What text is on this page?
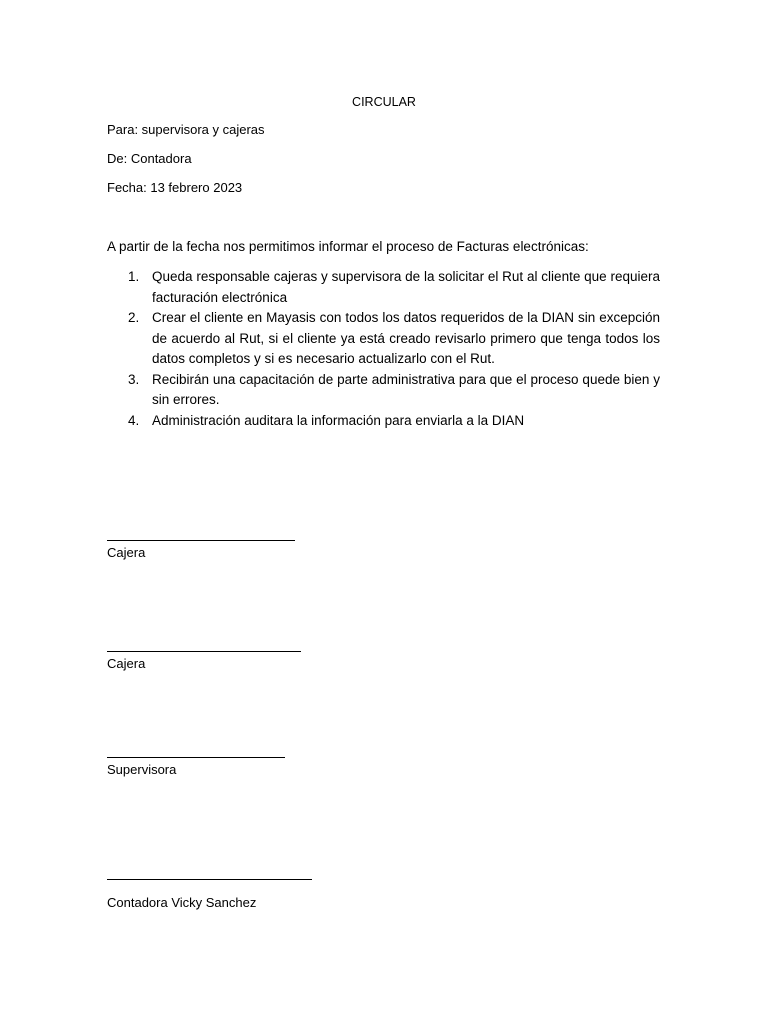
CIRCULAR
Para: supervisora y cajeras
De: Contadora
Fecha: 13 febrero 2023
A partir de la fecha nos permitimos informar el proceso de Facturas electrónicas:
1. Queda responsable cajeras y supervisora de la solicitar el Rut al cliente que requiera facturación electrónica
2. Crear el cliente en Mayasis con todos los datos requeridos de la DIAN sin excepción de acuerdo al Rut, si el cliente ya está creado revisarlo primero que tenga todos los datos completos y si es necesario actualizarlo con el Rut.
3. Recibirán una capacitación de parte administrativa para que el proceso quede bien y sin errores.
4. Administración auditara la información para enviarla a la DIAN
Cajera
Cajera
Supervisora
Contadora Vicky Sanchez
